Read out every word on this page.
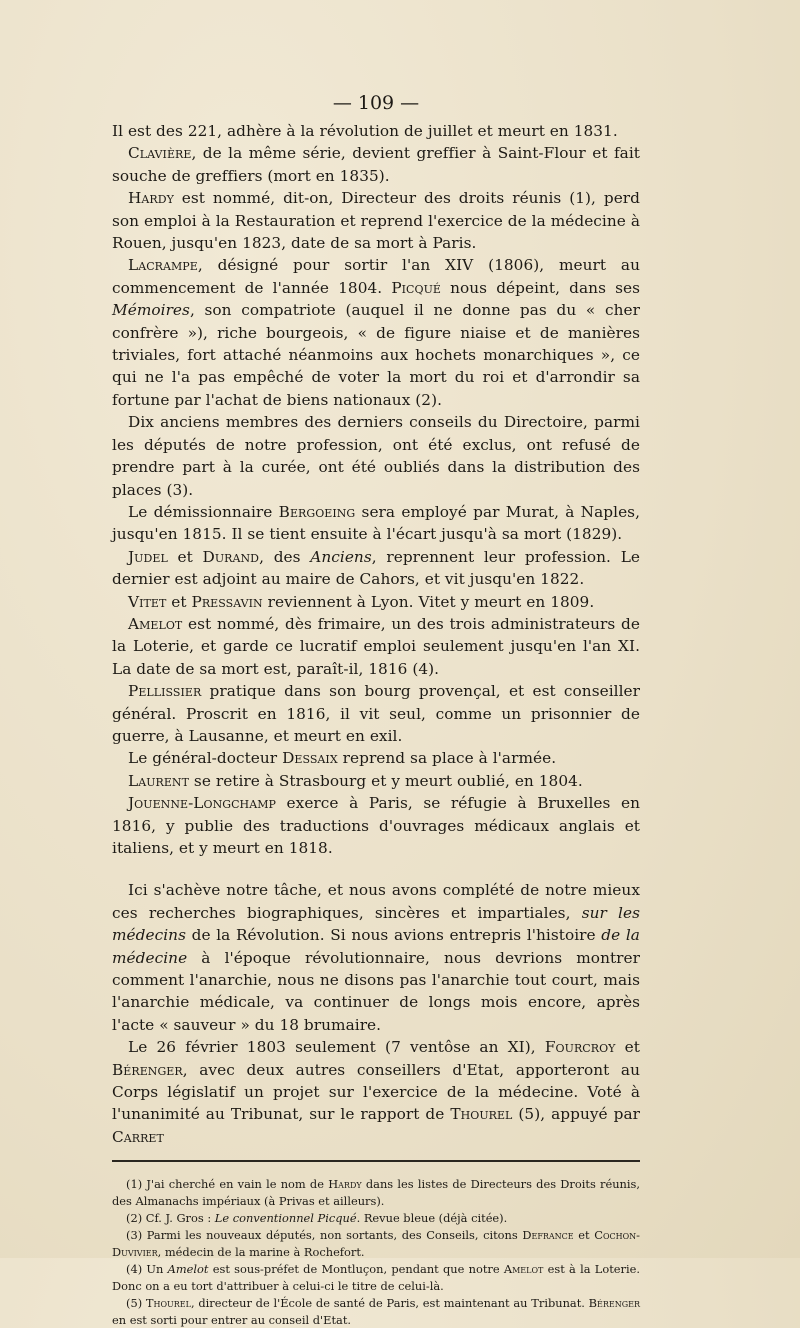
— 109 —

Il est des 221, adhère à la révolution de juillet et meurt en 1831.

Clavière, de la même série, devient greffier à Saint-Flour et fait souche de greffiers (mort en 1835).

Hardy est nommé, dit-on, Directeur des droits réunis (1), perd son emploi à la Restauration et reprend l'exercice de la médecine à Rouen, jusqu'en 1823, date de sa mort à Paris.

Lacrampe, désigné pour sortir l'an XIV (1806), meurt au commencement de l'année 1804. Picqué nous dépeint, dans ses Mémoires, son compatriote (auquel il ne donne pas du « cher confrère »), riche bourgeois, « de figure niaise et de manières triviales, fort attaché néanmoins aux hochets monarchiques », ce qui ne l'a pas empêché de voter la mort du roi et d'arrondir sa fortune par l'achat de biens nationaux (2).

Dix anciens membres des derniers conseils du Directoire, parmi les députés de notre profession, ont été exclus, ont refusé de prendre part à la curée, ont été oubliés dans la distribution des places (3).

Le démissionnaire Bergoeing sera employé par Murat, à Naples, jusqu'en 1815. Il se tient ensuite à l'écart jusqu'à sa mort (1829).

Judel et Durand, des Anciens, reprennent leur profession. Le dernier est adjoint au maire de Cahors, et vit jusqu'en 1822.

Vitet et Pressavin reviennent à Lyon. Vitet y meurt en 1809.

Amelot est nommé, dès frimaire, un des trois administrateurs de la Loterie, et garde ce lucratif emploi seulement jusqu'en l'an XI. La date de sa mort est, paraît-il, 1816 (4).

Pellissier pratique dans son bourg provençal, et est conseiller général. Proscrit en 1816, il vit seul, comme un prisonnier de guerre, à Lausanne, et meurt en exil.

Le général-docteur Dessaix reprend sa place à l'armée.

Laurent se retire à Strasbourg et y meurt oublié, en 1804.

Jouenne-Longchamp exerce à Paris, se réfugie à Bruxelles en 1816, y publie des traductions d'ouvrages médicaux anglais et italiens, et y meurt en 1818.

Ici s'achève notre tâche, et nous avons complété de notre mieux ces recherches biographiques, sincères et impartiales, sur les médecins de la Révolution. Si nous avions entrepris l'histoire de la médecine à l'époque révolutionnaire, nous devrions montrer comment l'anarchie, nous ne disons pas l'anarchie tout court, mais l'anarchie médicale, va continuer de longs mois encore, après l'acte « sauveur » du 18 brumaire.

Le 26 février 1803 seulement (7 ventôse an XI), Fourcroy et Bérenger, avec deux autres conseillers d'Etat, apporteront au Corps législatif un projet sur l'exercice de la médecine. Voté à l'unanimité au Tribunat, sur le rapport de Thourel (5), appuyé par Carret

(1) J'ai cherché en vain le nom de Hardy dans les listes de Directeurs des Droits réunis, des Almanachs impériaux (à Privas et ailleurs).

(2) Cf. J. Gros : Le conventionnel Picqué. Revue bleue (déjà citée).

(3) Parmi les nouveaux députés, non sortants, des Conseils, citons Defrance et Cochon-Duvivier, médecin de la marine à Rochefort.

(4) Un Amelot est sous-préfet de Montluçon, pendant que notre Amelot est à la Loterie. Donc on a eu tort d'attribuer à celui-ci le titre de celui-là.

(5) Thourel, directeur de l'École de santé de Paris, est maintenant au Tribunat. Bérenger en est sorti pour entrer au conseil d'Etat.
